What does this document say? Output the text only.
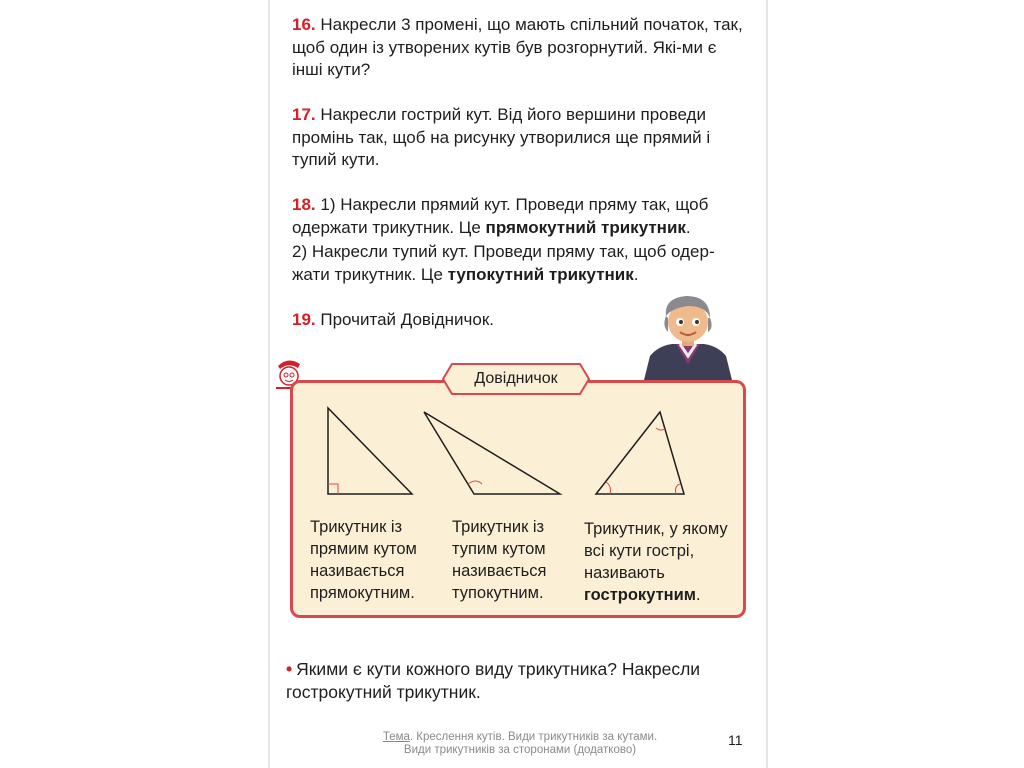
16. Накресли 3 промені, що мають спільний початок, так, щоб один із утворених кутів був розгорнутий. Які-ми є інші кути?
17. Накресли гострий кут. Від його вершини проведи промінь так, щоб на рисунку утворилися ще прямий і тупий кути.
18. 1) Накресли прямий кут. Проведи пряму так, щоб одержати трикутник. Це прямокутний трикутник.
2) Накресли тупий кут. Проведи пряму так, щоб одер-жати трикутник. Це тупокутний трикутник.
19. Прочитай Довідничок.
Довідничок
Трикутник із прямим кутом називається прямокутним.
Трикутник із тупим кутом називається тупокутним.
Трикутник, у якому всі кути гострі, називають гострокутним.
• Якими є кути кожного виду трикутника? Накресли гострокутний трикутник.
Тема. Креслення кутів. Види трикутників за кутами.
Види трикутників за сторонами (додатково)
11
